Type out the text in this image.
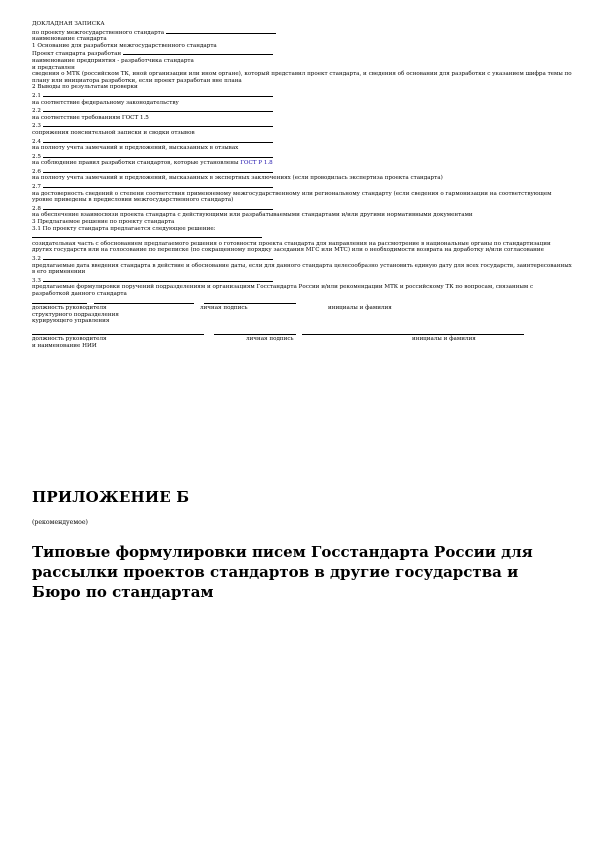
ДОКЛАДНАЯ ЗАПИСКА
по проекту межгосударственного стандарта
наименование стандарта
1 Основание для разработки межгосударственного стандарта
Проект стандарта разработан
наименование предприятия - разработчика стандарта
и представлен
сведения о МТК (российском ТК, иной организации или ином органе), который представил проект стандарта, и сведения об основании для разработки с указанием шифра темы по плану или инициатора разработки, если проект разработан вне плана
2 Выводы по результатам проверки
2.1
на соответствие федеральному законодательству
2.2
на соответствие требованиям ГОСТ 1.5
2.3
сопряжения пояснительной записки и сводки отзывов
2.4
на полноту учета замечаний и предложений, высказанных в отзывах
2.5
на соблюдение правил разработки стандартов, которые установлены ГОСТ Р 1.8
2.6
на полноту учета замечаний и предложений, высказанных в экспертных заключениях (если проводилась экспертиза проекта стандарта)
2.7
на достоверность сведений о степени соответствия применяемому межгосударственному или региональному стандарту (если сведения о гармонизации на соответствующем уровне приведены в предисловии межгосударственного стандарта)
2.8
на обеспечение взаимосвязи проекта стандарта с действующими или разрабатываемыми стандартами и/или другими нормативными документами
3 Предлагаемое решение по проекту стандарта
3.1 По проекту стандарта предлагается следующее решение:
созидательная часть с обоснованием предлагаемого решения о готовности проекта стандарта для направления на рассмотрение в национальные органы по стандартизации других государств или на голосование по переписке (по сокращенному порядку заседания МГС или МТС) или о необходимости возврата на доработку и/или согласование
3.2
предлагаемые дата введения стандарта в действие и обоснование даты, если для данного стандарта целесообразно установить единую дату для всех государств, заинтересованных в его применении
3.3
предлагаемые формулировки поручений подразделениям и организациям Госстандарта России и/или рекомендации МТК и российскому ТК по вопросам, связанным с разработкой данного стандарта
должность руководителя	личная подпись	инициалы и фамилия
структурного подразделения
курирующего управления
должность руководителя	личная подпись	инициалы и фамилия
и наименование НИИ
ПРИЛОЖЕНИЕ Б
(рекомендуемое)
Типовые формулировки писем Госстандарта России для рассылки проектов стандартов в другие государства и Бюро по стандартам
